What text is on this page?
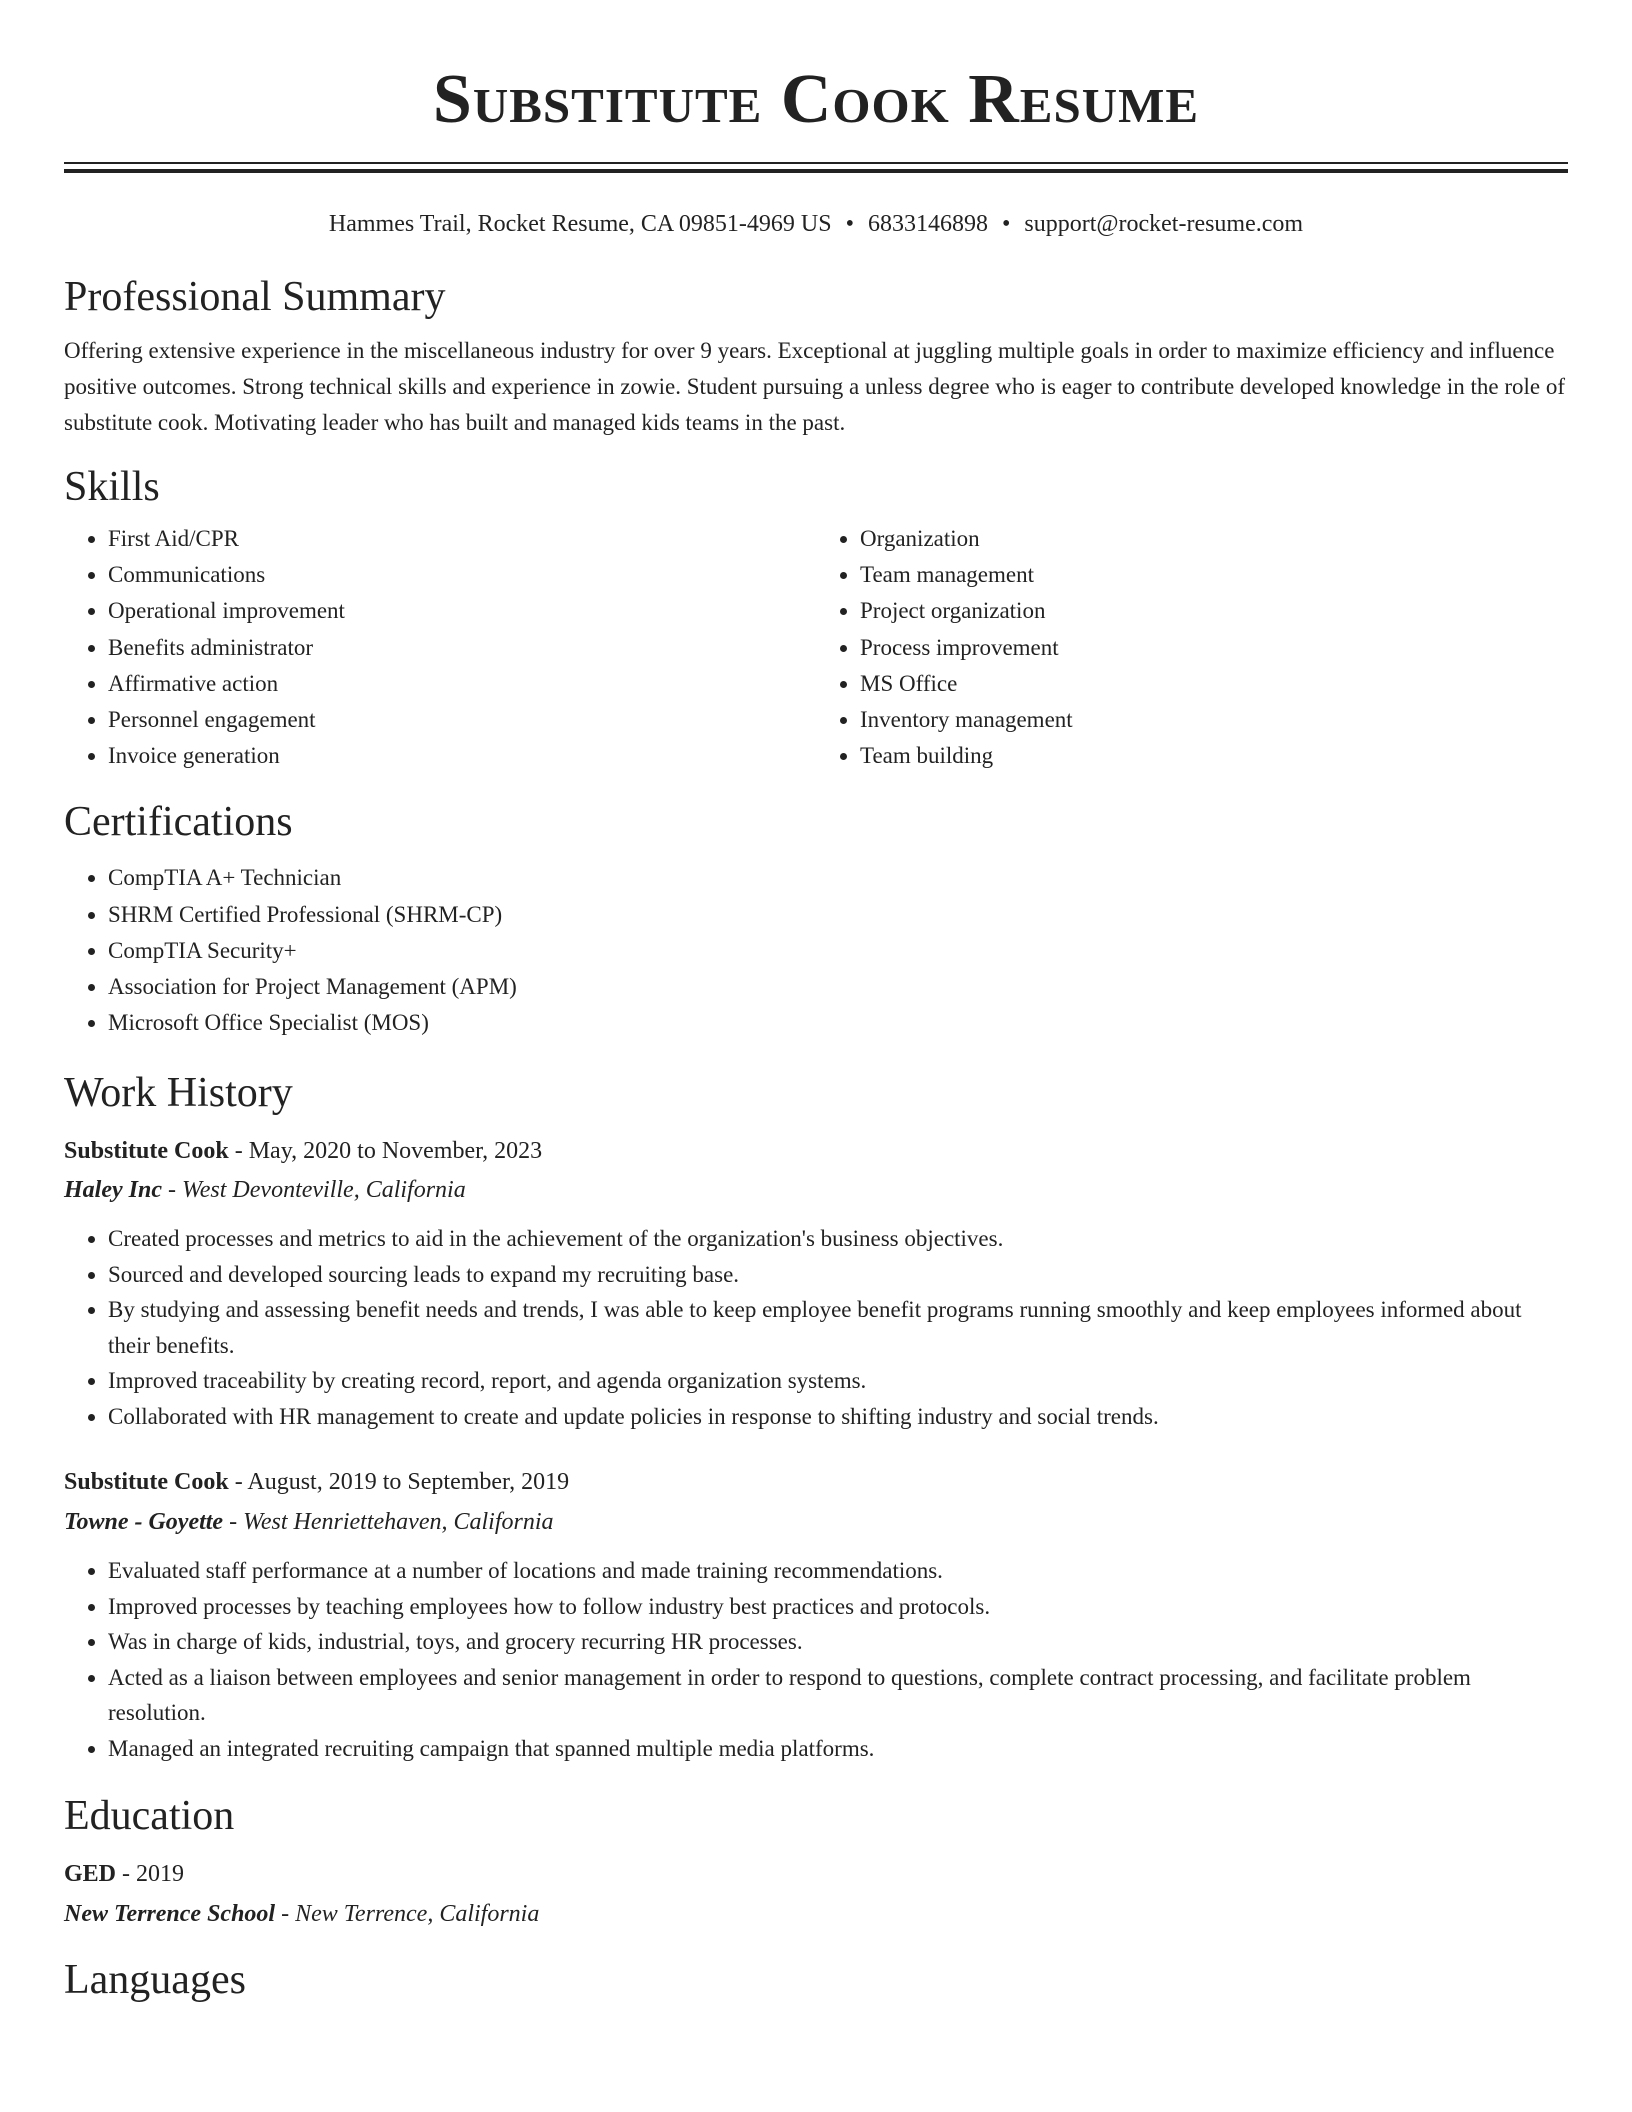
Substitute Cook Resume
Hammes Trail, Rocket Resume, CA 09851-4969 US • 6833146898 • support@rocket-resume.com
Professional Summary

Offering extensive experience in the miscellaneous industry for over 9 years. Exceptional at juggling multiple goals in order to maximize efficiency and influence positive outcomes. Strong technical skills and experience in zowie. Student pursuing a unless degree who is eager to contribute developed knowledge in the role of substitute cook. Motivating leader who has built and managed kids teams in the past.

Skills
• First Aid/CPR
• Communications
• Operational improvement
• Benefits administrator
• Affirmative action
• Personnel engagement
• Invoice generation
• Organization
• Team management
• Project organization
• Process improvement
• MS Office
• Inventory management
• Team building
Certifications
• CompTIA A+ Technician
• SHRM Certified Professional (SHRM-CP)
• CompTIA Security+
• Association for Project Management (APM)
• Microsoft Office Specialist (MOS)
Work History
Substitute Cook - May, 2020 to November, 2023
Haley Inc - West Devonteville, California
• Created processes and metrics to aid in the achievement of the organization's business objectives.
• Sourced and developed sourcing leads to expand my recruiting base.
• By studying and assessing benefit needs and trends, I was able to keep employee benefit programs running smoothly and keep employees informed about their benefits.
• Improved traceability by creating record, report, and agenda organization systems.
• Collaborated with HR management to create and update policies in response to shifting industry and social trends.
Substitute Cook - August, 2019 to September, 2019
Towne - Goyette - West Henriettehaven, California
• Evaluated staff performance at a number of locations and made training recommendations.
• Improved processes by teaching employees how to follow industry best practices and protocols.
• Was in charge of kids, industrial, toys, and grocery recurring HR processes.
• Acted as a liaison between employees and senior management in order to respond to questions, complete contract processing, and facilitate problem resolution.
• Managed an integrated recruiting campaign that spanned multiple media platforms.
Education
GED - 2019
New Terrence School - New Terrence, California
Languages
